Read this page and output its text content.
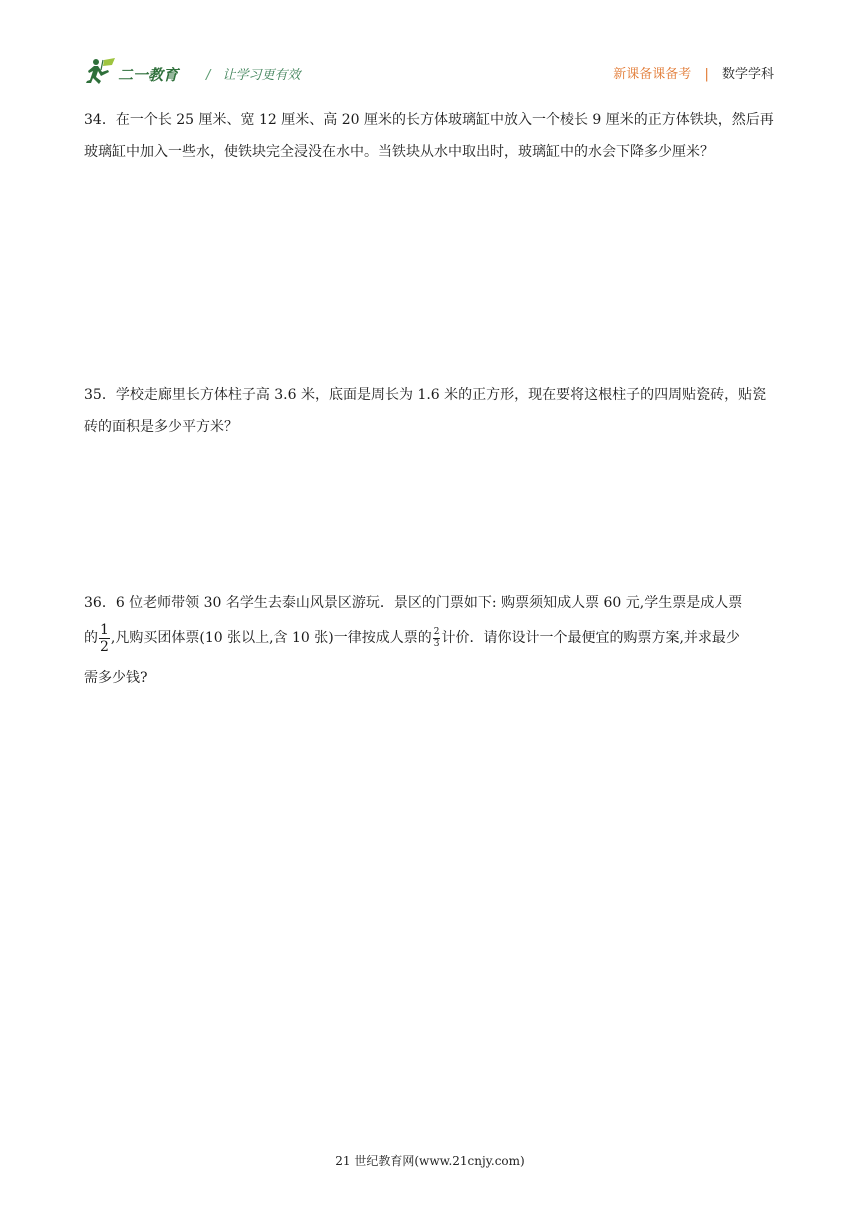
二一教育 / 让学习更有效	新课备课备考 | 数学学科
34．在一个长 25 厘米、宽 12 厘米、高 20 厘米的长方体玻璃缸中放入一个棱长 9 厘米的正方体铁块，然后再玻璃缸中加入一些水，使铁块完全浸没在水中。当铁块从水中取出时，玻璃缸中的水会下降多少厘米？
35．学校走廊里长方体柱子高 3.6 米，底面是周长为 1.6 米的正方形，现在要将这根柱子的四周贴瓷砖，贴瓷砖的面积是多少平方米？
36．6 位老师带领 30 名学生去泰山风景区游玩．景区的门票如下: 购票须知成人票 60 元,学生票是成人票
的 $\frac{1}{2}$ ,凡购买团体票(10 张以上,含 10 张)一律按成人票的 $\frac{2}{3}$ 计价．请你设计一个最便宜的购票方案,并求最少
需多少钱?
21 世纪教育网(www.21cnjy.com)
